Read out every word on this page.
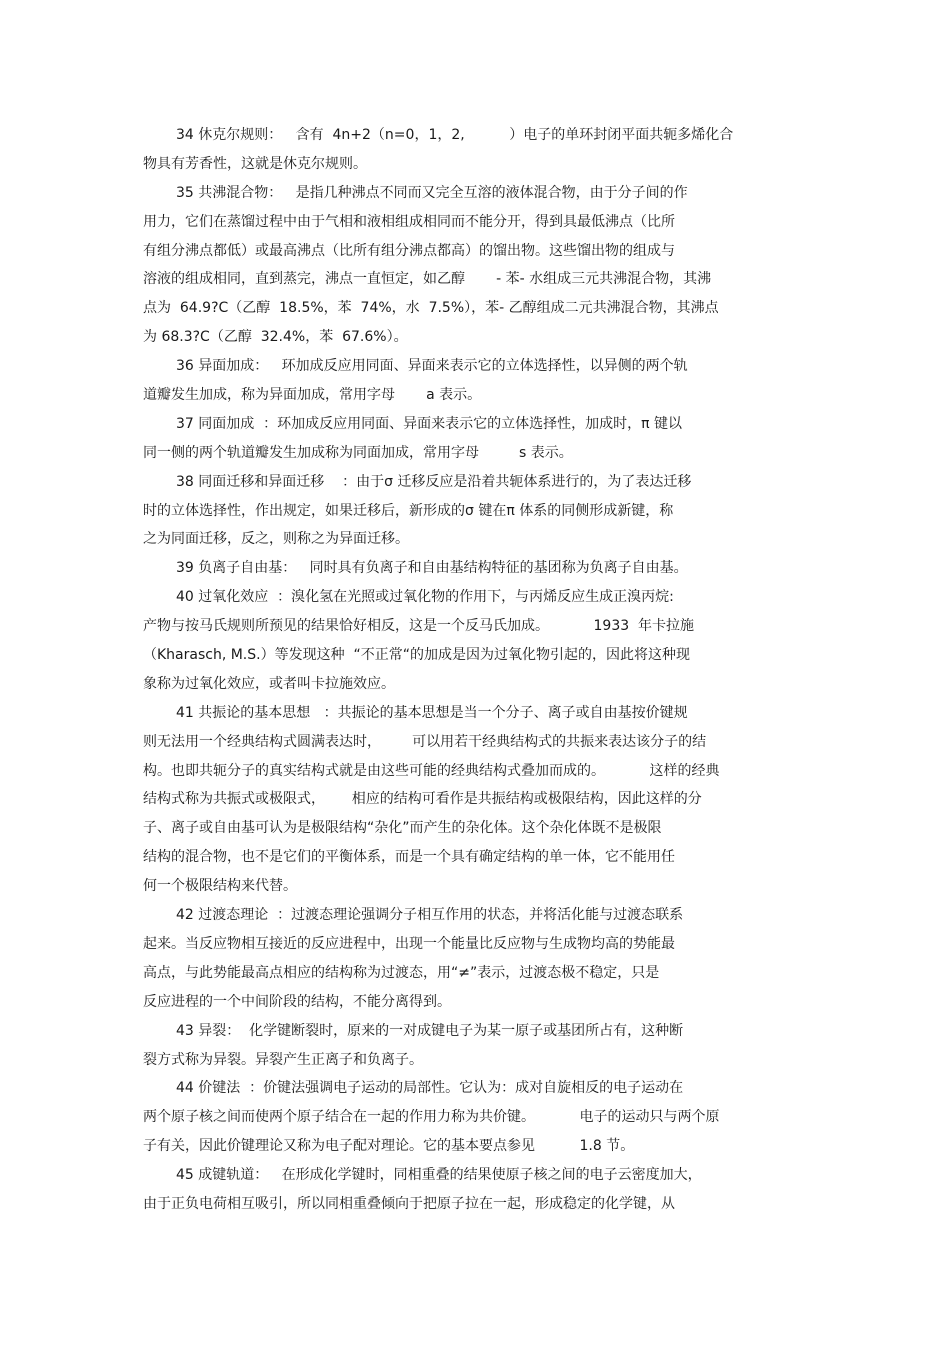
34 休克尔规则：   含有  4n+2（n=0，1，2,          ）电子的单环封闭平面共轭多烯化合
物具有芳香性，这就是休克尔规则。
35 共沸混合物：   是指几种沸点不同而又完全互溶的液体混合物，由于分子间的作
用力，它们在蒸馏过程中由于气相和液相组成相同而不能分开，得到具最低沸点（比所
有组分沸点都低）或最高沸点（比所有组分沸点都高）的馏出物。这些馏出物的组成与
溶液的组成相同，直到蒸完，沸点一直恒定，如乙醇       - 苯- 水组成三元共沸混合物，其沸
点为  64.9?C（乙醇  18.5%，苯  74%，水  7.5%），苯- 乙醇组成二元共沸混合物，其沸点
为 68.3?C（乙醇  32.4%，苯  67.6%）。
36 异面加成：   环加成反应用同面、异面来表示它的立体选择性，以异侧的两个轨
道瓣发生加成，称为异面加成，常用字母       a 表示。
37 同面加成  ：环加成反应用同面、异面来表示它的立体选择性，加成时，π 键以
同一侧的两个轨道瓣发生加成称为同面加成，常用字母         s 表示。
38 同面迁移和异面迁移    ：由于σ 迁移反应是沿着共轭体系进行的，为了表达迁移
时的立体选择性，作出规定，如果迁移后，新形成的σ 键在π 体系的同侧形成新键，称
之为同面迁移，反之，则称之为异面迁移。
39 负离子自由基：   同时具有负离子和自由基结构特征的基团称为负离子自由基。
40 过氧化效应  ：溴化氢在光照或过氧化物的作用下，与丙烯反应生成正溴丙烷:
产物与按马氏规则所预见的结果恰好相反，这是一个反马氏加成。          1933  年卡拉施
（Kharasch, M.S.）等发现这种  “不正常“的加成是因为过氧化物引起的，因此将这种现
象称为过氧化效应，或者叫卡拉施效应。
41 共振论的基本思想   ：共振论的基本思想是当一个分子、离子或自由基按价键规
则无法用一个经典结构式圆满表达时，       可以用若干经典结构式的共振来表达该分子的结
构。也即共轭分子的真实结构式就是由这些可能的经典结构式叠加而成的。          这样的经典
结构式称为共振式或极限式，      相应的结构可看作是共振结构或极限结构，因此这样的分
子、离子或自由基可认为是极限结构“杂化”而产生的杂化体。这个杂化体既不是极限
结构的混合物，也不是它们的平衡体系，而是一个具有确定结构的单一体，它不能用任
何一个极限结构来代替。
42 过渡态理论  ：过渡态理论强调分子相互作用的状态，并将活化能与过渡态联系
起来。当反应物相互接近的反应进程中，出现一个能量比反应物与生成物均高的势能最
高点，与此势能最高点相应的结构称为过渡态，用“≠”表示，过渡态极不稳定，只是
反应进程的一个中间阶段的结构，不能分离得到。
43 异裂：  化学键断裂时，原来的一对成键电子为某一原子或基团所占有，这种断
裂方式称为异裂。异裂产生正离子和负离子。
44 价键法  ：价键法强调电子运动的局部性。它认为：成对自旋相反的电子运动在
两个原子核之间而使两个原子结合在一起的作用力称为共价键。          电子的运动只与两个原
子有关，因此价键理论又称为电子配对理论。它的基本要点参见          1.8 节。
45 成键轨道：   在形成化学键时，同相重叠的结果使原子核之间的电子云密度加大，
由于正负电荷相互吸引，所以同相重叠倾向于把原子拉在一起，形成稳定的化学键，从
